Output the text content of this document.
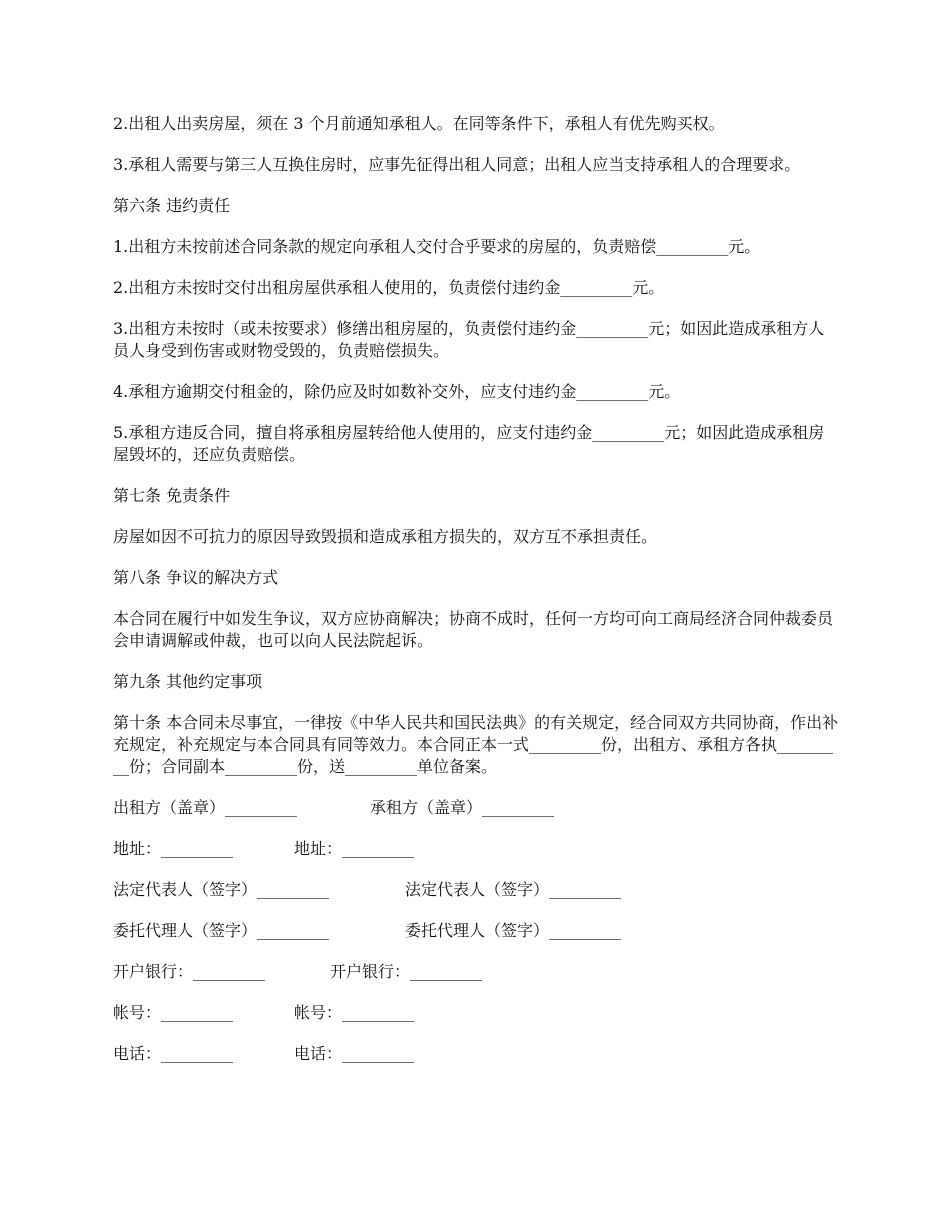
2.出租人出卖房屋，须在 3 个月前通知承租人。在同等条件下，承租人有优先购买权。

3.承租人需要与第三人互换住房时，应事先征得出租人同意；出租人应当支持承租人的合理要求。

第六条 违约责任

1.出租方未按前述合同条款的规定向承租人交付合乎要求的房屋的，负责赔偿_________元。

2.出租方未按时交付出租房屋供承租人使用的，负责偿付违约金_________元。

3.出租方未按时（或未按要求）修缮出租房屋的，负责偿付违约金_________元；如因此造成承租方人员人身受到伤害或财物受毁的，负责赔偿损失。

4.承租方逾期交付租金的，除仍应及时如数补交外，应支付违约金_________元。

5.承租方违反合同，擅自将承租房屋转给他人使用的，应支付违约金_________元；如因此造成承租房屋毁坏的，还应负责赔偿。

第七条 免责条件

房屋如因不可抗力的原因导致毁损和造成承租方损失的，双方互不承担责任。

第八条 争议的解决方式

本合同在履行中如发生争议，双方应协商解决；协商不成时，任何一方均可向工商局经济合同仲裁委员会申请调解或仲裁，也可以向人民法院起诉。

第九条 其他约定事项

第十条 本合同未尽事宜，一律按《中华人民共和国民法典》的有关规定，经合同双方共同协商，作出补充规定，补充规定与本合同具有同等效力。本合同正本一式_________份，出租方、承租方各执_________份；合同副本_________份，送_________单位备案。

出租方（盖章）_________	承租方（盖章）_________
地址：_________	地址：_________
法定代表人（签字）_________	法定代表人（签字）_________
委托代理人（签字）_________	委托代理人（签字）_________
开户银行：_________	开户银行：_________
帐号：_________	帐号：_________
电话：_________	电话：_________
